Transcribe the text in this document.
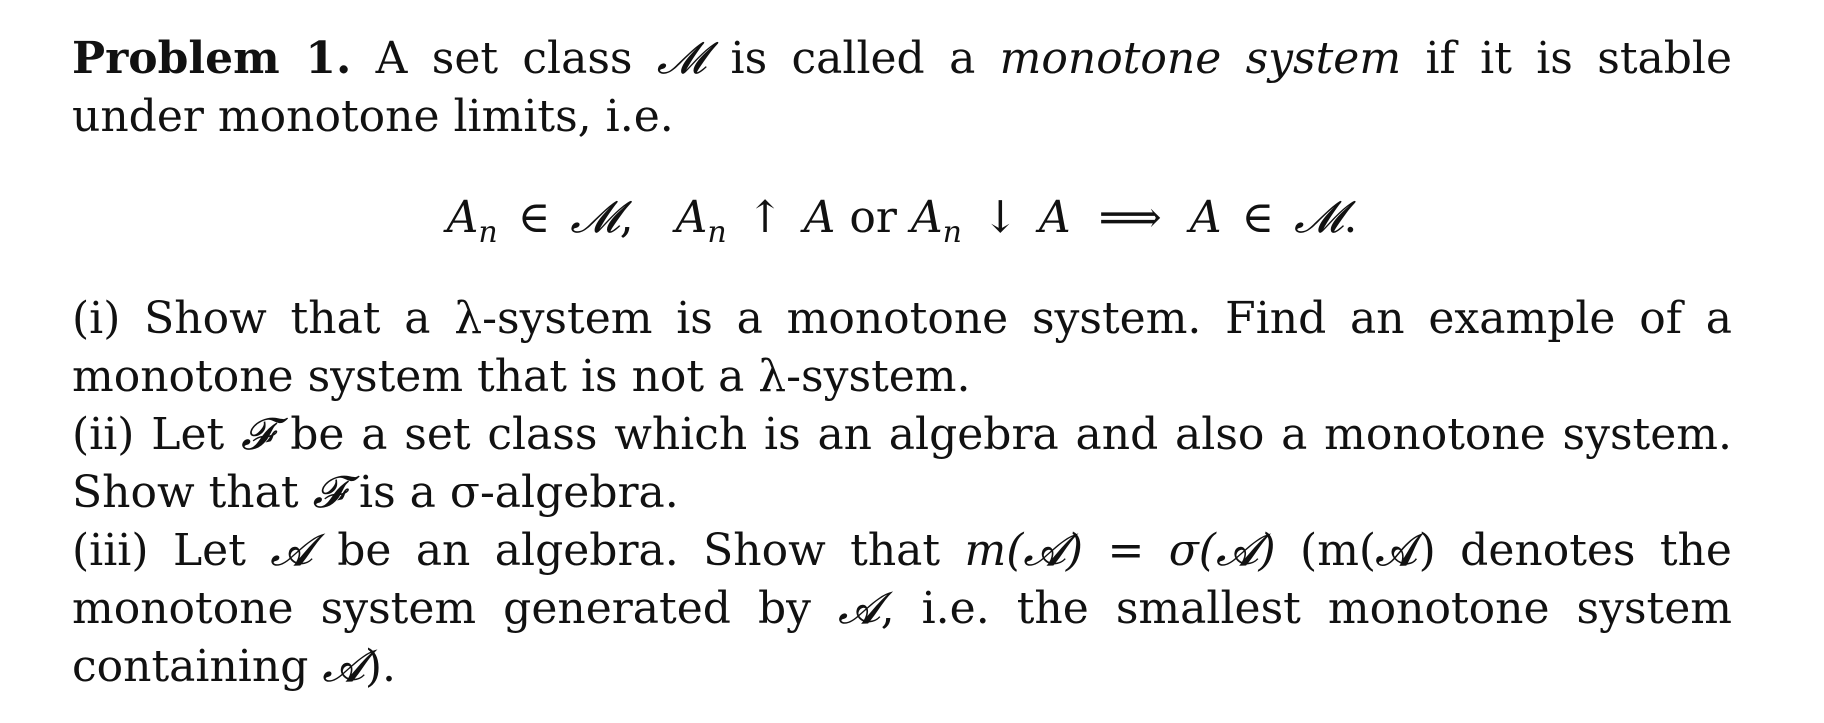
Problem 1. A set class 𝓜 is called a monotone system if it is stable under monotone limits, i.e.

$A_n$ ∈ 𝓜, $A_n$ ↑ A or $A_n$ ↓ A ⟹ A ∈ 𝓜.

(i) Show that a λ-system is a monotone system. Find an example of a monotone system that is not a λ-system.

(ii) Let 𝓕 be a set class which is an algebra and also a monotone system. Show that 𝓕 is a σ-algebra.

(iii) Let 𝓐 be an algebra. Show that m(𝓐) = σ(𝓐) (m(𝓐) denotes the monotone system generated by 𝓐, i.e. the smallest monotone system containing 𝓐).
